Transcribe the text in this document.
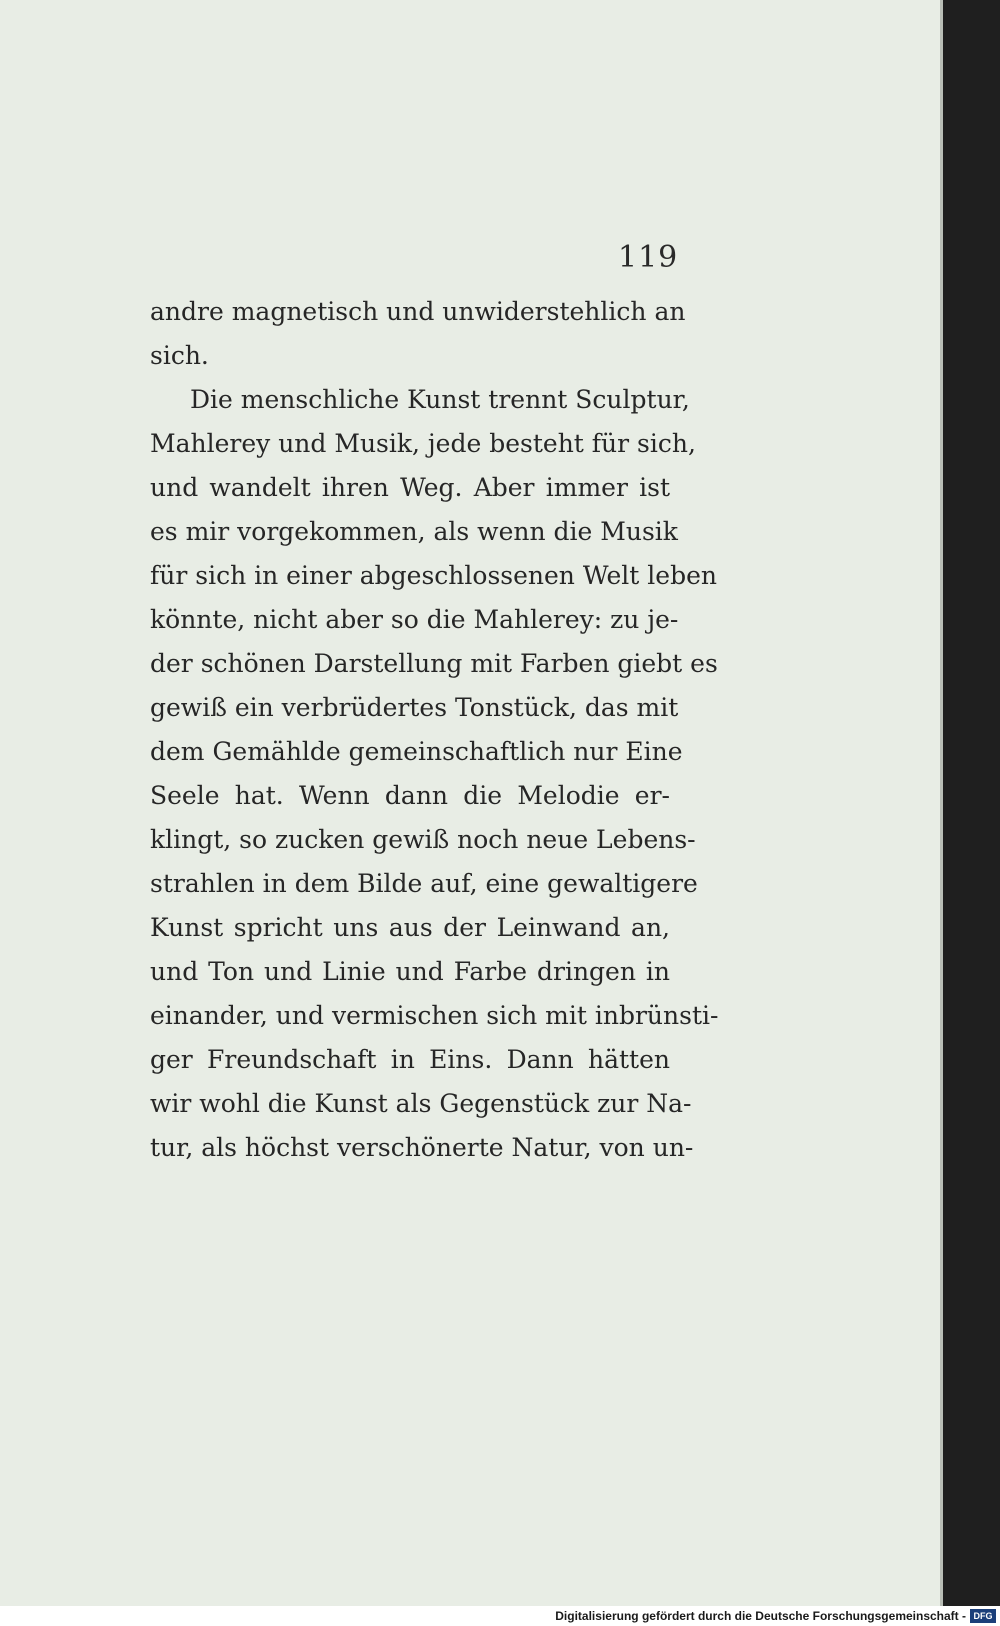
119
andre magnetisch und unwiderstehlich an
sich.
Die menschliche Kunst trennt Sculptur,
Mahlerey und Musik, jede besteht für sich,
und wandelt ihren Weg. Aber immer ist
es mir vorgekommen, als wenn die Musik
für sich in einer abgeschlossenen Welt leben
könnte, nicht aber so die Mahlerey: zu je-
der schönen Darstellung mit Farben giebt es
gewiß ein verbrüdertes Tonstück, das mit
dem Gemählde gemeinschaftlich nur Eine
Seele hat. Wenn dann die Melodie er-
klingt, so zucken gewiß noch neue Lebens-
strahlen in dem Bilde auf, eine gewaltigere
Kunst spricht uns aus der Leinwand an,
und Ton und Linie und Farbe dringen in
einander, und vermischen sich mit inbrünsti-
ger Freundschaft in Eins. Dann hätten
wir wohl die Kunst als Gegenstück zur Na-
tur, als höchst verschönerte Natur, von un-
Digitalisierung gefördert durch die Deutsche Forschungsgemeinschaft - DFG
